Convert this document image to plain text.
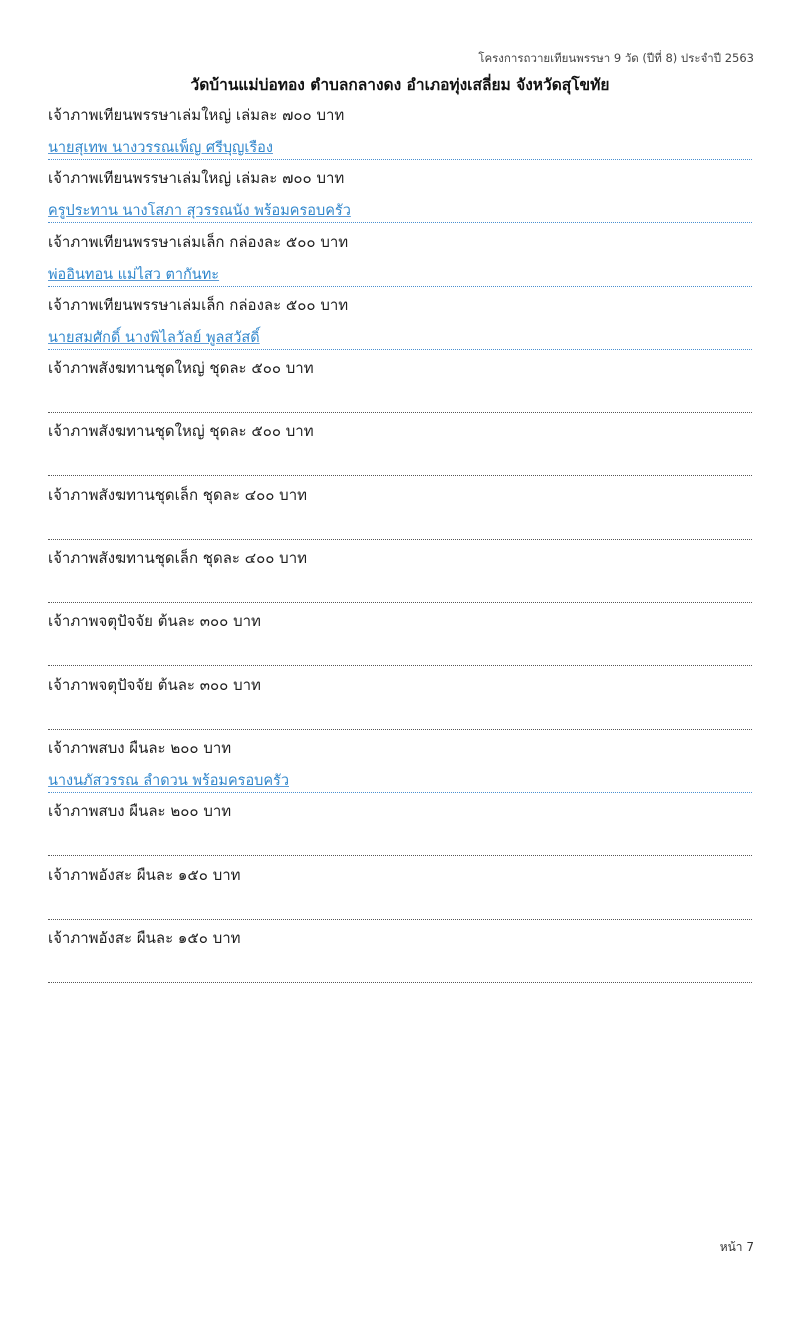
โครงการถวายเทียนพรรษา 9 วัด (ปีที่ 8) ประจำปี 2563
วัดบ้านแม่บ่อทอง ตำบลกลางดง อำเภอทุ่งเสลี่ยม จังหวัดสุโขทัย
เจ้าภาพเทียนพรรษาเล่มใหญ่ เล่มละ ๗๐๐ บาท
นายสุเทพ นางวรรณเพ็ญ ศรีบุญเรือง
เจ้าภาพเทียนพรรษาเล่มใหญ่ เล่มละ ๗๐๐ บาท
ครูประทาน นางโสภา สุวรรณนัง พร้อมครอบครัว
เจ้าภาพเทียนพรรษาเล่มเล็ก กล่องละ ๕๐๐ บาท
พ่ออินทอน แม่ไสว ตากันทะ
เจ้าภาพเทียนพรรษาเล่มเล็ก กล่องละ ๕๐๐ บาท
นายสมศักดิ์ นางพิไลวัลย์ พูลสวัสดิ์
เจ้าภาพสังฆทานชุดใหญ่ ชุดละ ๕๐๐ บาท
เจ้าภาพสังฆทานชุดใหญ่ ชุดละ ๕๐๐ บาท
เจ้าภาพสังฆทานชุดเล็ก ชุดละ ๔๐๐ บาท
เจ้าภาพสังฆทานชุดเล็ก ชุดละ ๔๐๐ บาท
เจ้าภาพจตุปัจจัย ต้นละ ๓๐๐ บาท
เจ้าภาพจตุปัจจัย ต้นละ ๓๐๐ บาท
เจ้าภาพสบง ผืนละ ๒๐๐ บาท
นางนภัสวรรณ ลำดวน พร้อมครอบครัว
เจ้าภาพสบง ผืนละ ๒๐๐ บาท
เจ้าภาพอังสะ ผืนละ ๑๕๐ บาท
เจ้าภาพอังสะ ผืนละ ๑๕๐ บาท
หน้า 7
